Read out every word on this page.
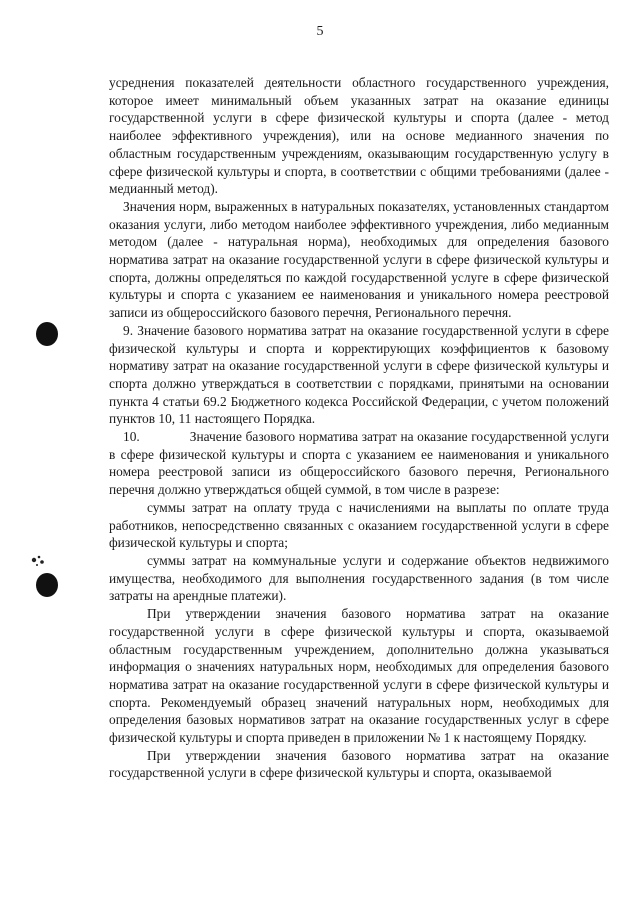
5

усреднения показателей деятельности областного государственного учреждения, которое имеет минимальный объем указанных затрат на оказание единицы государственной услуги в сфере физической культуры и спорта (далее - метод наиболее эффективного учреждения), или на основе медианного значения по областным государственным учреждениям, оказывающим государственную услугу в сфере физической культуры и спорта, в соответствии с общими требованиями (далее - медианный метод).

Значения норм, выраженных в натуральных показателях, установленных стандартом оказания услуги, либо методом наиболее эффективного учреждения, либо медианным методом (далее - натуральная норма), необходимых для определения базового норматива затрат на оказание государственной услуги в сфере физической культуры и спорта, должны определяться по каждой государственной услуге в сфере физической культуры и спорта с указанием ее наименования и уникального номера реестровой записи из общероссийского базового перечня, Регионального перечня.

9. Значение базового норматива затрат на оказание государственной услуги в сфере физической культуры и спорта и корректирующих коэффициентов к базовому нормативу затрат на оказание государственной услуги в сфере физической культуры и спорта должно утверждаться в соответствии с порядками, принятыми на основании пункта 4 статьи 69.2 Бюджетного кодекса Российской Федерации, с учетом положений пунктов 10, 11 настоящего Порядка.

10.	Значение базового норматива затрат на оказание государственной услуги в сфере физической культуры и спорта с указанием ее наименования и уникального номера реестровой записи из общероссийского базового перечня, Регионального перечня должно утверждаться общей суммой, в том числе в разрезе:

суммы затрат на оплату труда с начислениями на выплаты по оплате труда работников, непосредственно связанных с оказанием государственной услуги в сфере физической культуры и спорта;

суммы затрат на коммунальные услуги и содержание объектов недвижимого имущества, необходимого для выполнения государственного задания (в том числе затраты на арендные платежи).

При утверждении значения базового норматива затрат на оказание государственной услуги в сфере физической культуры и спорта, оказываемой областным государственным учреждением, дополнительно должна указываться информация о значениях натуральных норм, необходимых для определения базового норматива затрат на оказание государственной услуги в сфере физической культуры и спорта. Рекомендуемый образец значений натуральных норм, необходимых для определения базовых нормативов затрат на оказание государственных услуг в сфере физической культуры и спорта приведен в приложении № 1 к настоящему Порядку.

При утверждении значения базового норматива затрат на оказание государственной услуги в сфере физической культуры и спорта, оказываемой
